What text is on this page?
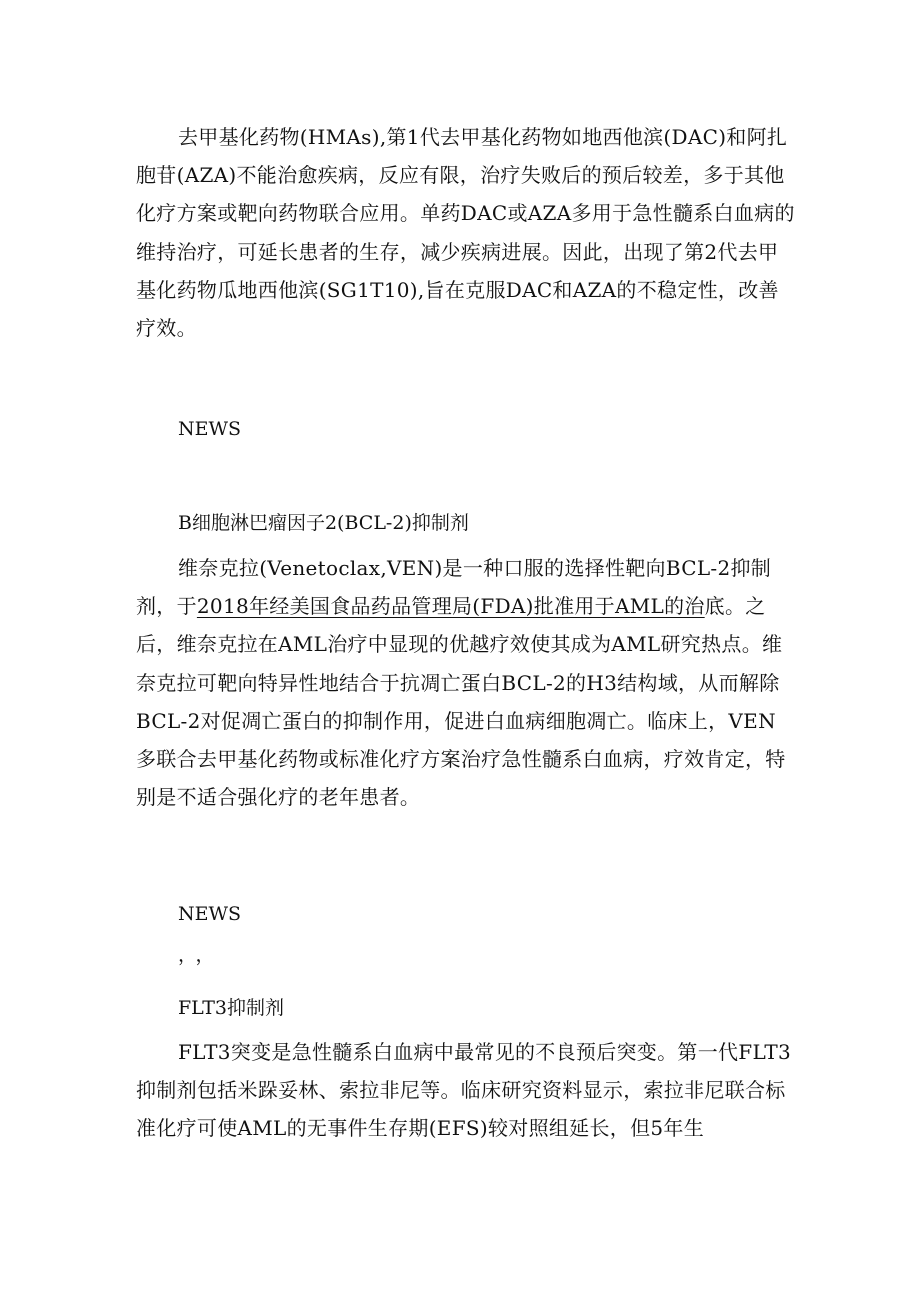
去甲基化药物(HMAs),第1代去甲基化药物如地西他滨(DAC)和阿扎胞苷(AZA)不能治愈疾病，反应有限，治疗失败后的预后较差，多于其他化疗方案或靶向药物联合应用。单药DAC或AZA多用于急性髓系白血病的维持治疗，可延长患者的生存，减少疾病进展。因此，出现了第2代去甲基化药物瓜地西他滨(SG1T10),旨在克服DAC和AZA的不稳定性，改善疗效。

NEWS

B细胞淋巴瘤因子2(BCL-2)抑制剂

维奈克拉(Venetoclax,VEN)是一种口服的选择性靶向BCL-2抑制剂，于2018年经美国食品药品管理局(FDA)批准用于AML的治底。之后，维奈克拉在AML治疗中显现的优越疗效使其成为AML研究热点。维奈克拉可靶向特异性地结合于抗凋亡蛋白BCL-2的H3结构域，从而解除BCL-2对促凋亡蛋白的抑制作用，促进白血病细胞凋亡。临床上，VEN多联合去甲基化药物或标准化疗方案治疗急性髓系白血病，疗效肯定，特别是不适合强化疗的老年患者。

NEWS

，，

FLT3抑制剂

FLT3突变是急性髓系白血病中最常见的不良预后突变。第一代FLT3抑制剂包括米跺妥林、索拉非尼等。临床研究资料显示，索拉非尼联合标准化疗可使AML的无事件生存期(EFS)较对照组延长，但5年生
